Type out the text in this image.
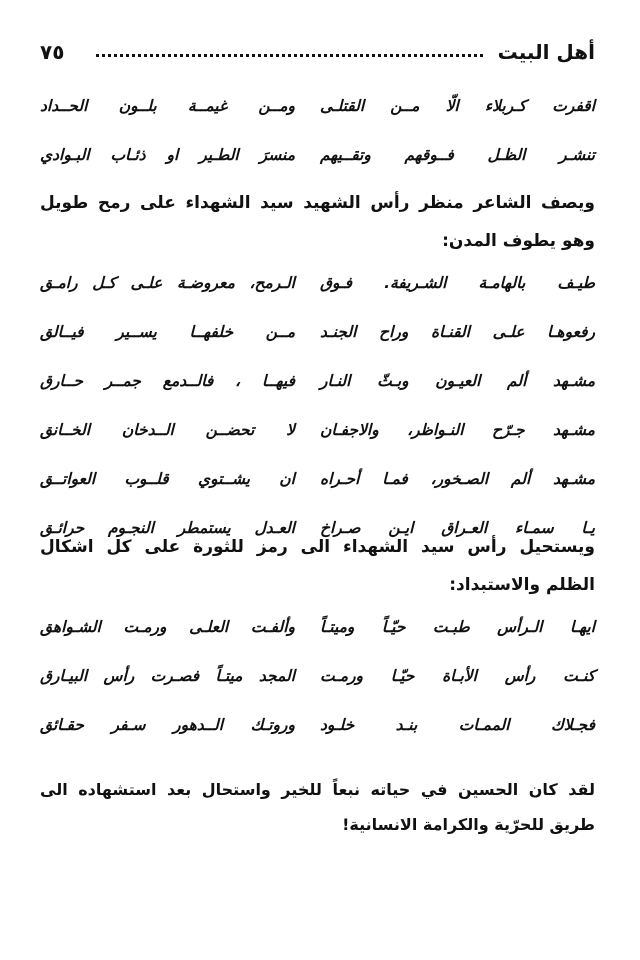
أهل البيت
٧٥
اقفرت كـربلاء الّا مــن القتلـى
ومــن غيمــة بلــون الحــداد
تنشـر الظـل فــوقهم وتقــيهم
منسرَ الطـير او ذئـاب البـوادي
ويصف الشاعر منظر رأس الشهيد سيد الشهداء على رمح طويل
وهو يطوف المدن:
طيـف بالهامـة الشـريفة. فـوق
الـرمح، معروضـة علـى كـل رامـق
رفعوهـا علـى القنـاة وراح الجنـد
مــن خلفهــا يســير فيــالق
مشـهد ألم العيـون وبـثّ النـار
فيهــا ، فالــدمع جمــر حــارق
مشـهد جـرّح النـواظر، والاجفـان
لا تحضــن الــدخان الخــانق
مشـهد ألم الصـخور، فمـا أحـراه
ان يشــتوي قلــوب العواتــق
يـا سمـاء العـراق ايـن صـراخ
العـدل يستمطر النجـوم حرائـق
ويستحيل رأس سيد الشهداء الى رمز للثورة على كل اشكال
الظلم والاستبداد:
ايهـا الـرأس طبـت حيّـاً وميتـاً
وألفـت العلـى ورمـت الشـواهق
كنـت رأس الأبـاة حيّـا ورمـت
المجد ميتـاً فصـرت رأس البيـارق
فجـلاك الممـات بنـد خلـود
وروتـك الــدهور سـفر حقـائق
لقد كان الحسين في حياته نبعاً للخير واستحال بعد استشهاده الى
طريق للحرّية والكرامة الانسانية!
